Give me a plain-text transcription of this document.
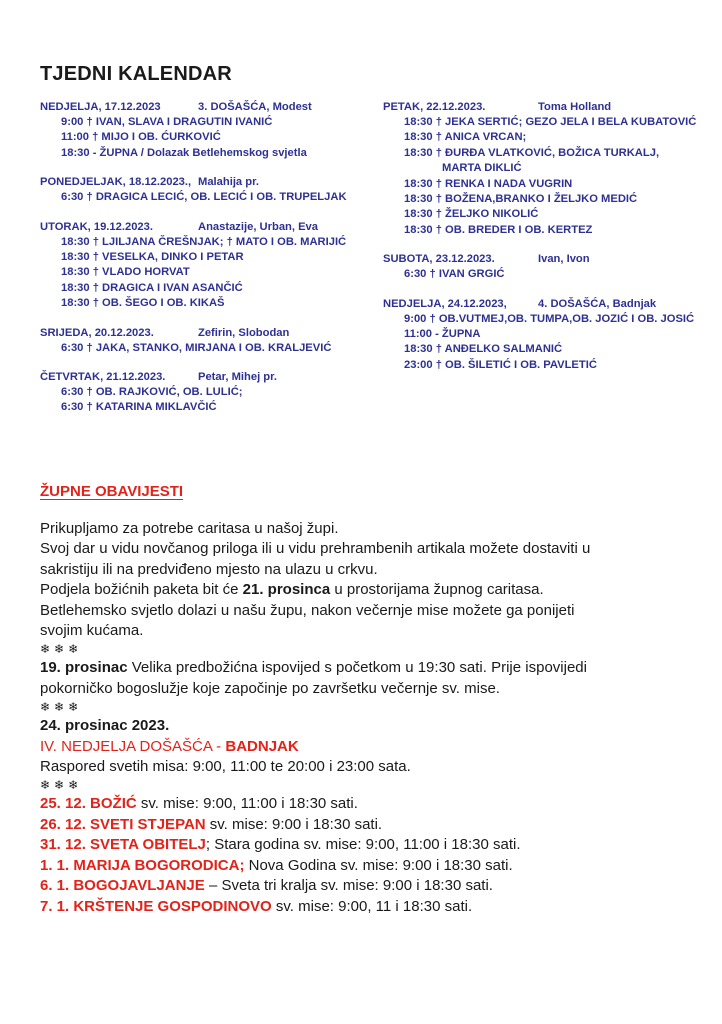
TJEDNI KALENDAR
NEDJELJA, 17.12.2023	3. DOŠAŠĆA, Modest
9:00 † IVAN, SLAVA I DRAGUTIN IVANIĆ
11:00 † MIJO I OB. ĆURKOVIĆ
18:30 - ŽUPNA / Dolazak Betlehemskog svjetla
PONEDJELJAK, 18.12.2023., Malahija pr.
6:30 † DRAGICA LECIĆ, OB. LECIĆ I OB. TRUPELJAK
UTORAK, 19.12.2023.	Anastazije, Urban, Eva
18:30 † LJILJANA ČREŠNJAK; † MATO I OB. MARIJIĆ
18:30 † VESELKA, DINKO I PETAR
18:30 † VLADO HORVAT
18:30 † DRAGICA I IVAN ASANČIĆ
18:30 † OB. ŠEGO I OB. KIKAŠ
SRIJEDA, 20.12.2023.	Zefirin, Slobodan
6:30 † JAKA, STANKO, MIRJANA I OB. KRALJEVIĆ
ČETVRTAK, 21.12.2023.	Petar, Mihej pr.
6:30 † OB. RAJKOVIĆ, OB. LULIĆ;
6:30 † KATARINA MIKLAVČIĆ
PETAK, 22.12.2023.	Toma Holland
18:30 † JEKA SERTIĆ; GEZO JELA I BELA KUBATOVIĆ
18:30 † ANICA VRCAN;
18:30 † ĐURĐA VLATKOVIĆ, BOŽICA TURKALJ,
MARTA DIKLIĆ
18:30 † RENKA I NADA VUGRIN
18:30 † BOŽENA,BRANKO I ŽELJKO MEDIĆ
18:30 † ŽELJKO NIKOLIĆ
18:30 † OB. BREDER I OB. KERTEZ
SUBOTA, 23.12.2023.	Ivan, Ivon
6:30 † IVAN GRGIĆ
NEDJELJA, 24.12.2023,	4. DOŠAŠĆA, Badnjak
9:00 † OB.VUTMEJ,OB. TUMPA,OB. JOZIĆ I OB. JOSIĆ
11:00 - ŽUPNA
18:30 † ANĐELKO SALMANIĆ
23:00 † OB. ŠILETIĆ I OB. PAVLETIĆ
ŽUPNE OBAVIJESTI

Prikupljamo za potrebe caritasa u našoj župi.

Svoj dar u vidu novčanog priloga ili u vidu prehrambenih artikala možete dostaviti u

sakristiju ili na predviđeno mjesto na ulazu u crkvu.

Podjela božićnih paketa bit će 21. prosinca u prostorijama župnog caritasa.

Betlehemsko svjetlo dolazi u našu župu, nakon večernje mise možete ga ponijeti

svojim kućama.

❄❄❄

19. prosinac Velika predbožićna ispovijed s početkom u 19:30 sati. Prije ispovijedi

pokorničko bogoslužje koje započinje po završetku večernje sv. mise.

❄❄❄

24. prosinac 2023.

IV. NEDJELJA DOŠAŠĆA - BADNJAK

Raspored svetih misa: 9:00, 11:00 te 20:00 i 23:00 sata.

❄❄❄

25. 12. BOŽIĆ sv. mise: 9:00, 11:00 i 18:30 sati.

26. 12. SVETI STJEPAN sv. mise: 9:00 i 18:30 sati.

31. 12. SVETA OBITELJ; Stara godina sv. mise: 9:00, 11:00 i 18:30 sati.

1. 1. MARIJA BOGORODICA; Nova Godina sv. mise: 9:00 i 18:30 sati.

6. 1. BOGOJAVLJANJE – Sveta tri kralja sv. mise: 9:00 i 18:30 sati.

7. 1. KRŠTENJE GOSPODINOVO sv. mise: 9:00, 11 i 18:30 sati.
